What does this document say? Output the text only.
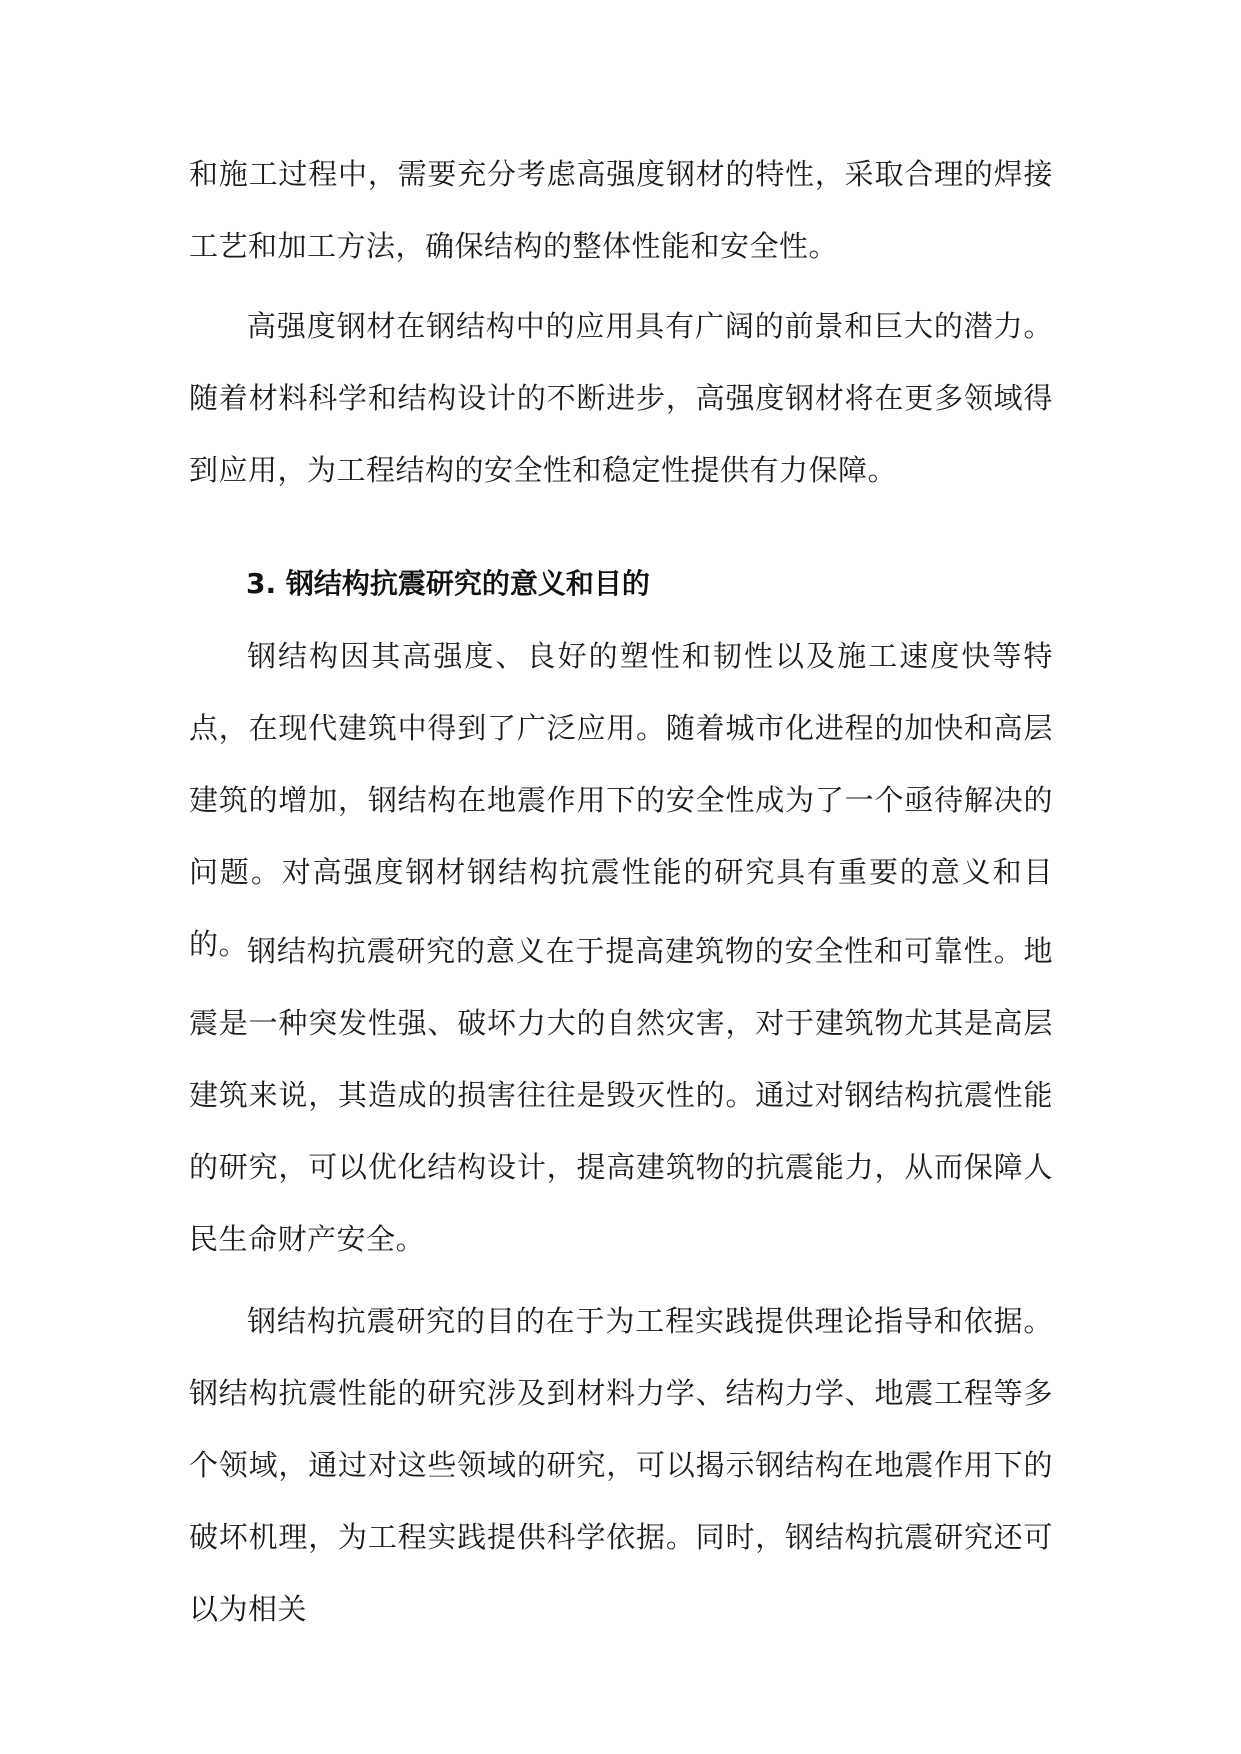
和施工过程中，需要充分考虑高强度钢材的特性，采取合理的焊接工艺和加工方法，确保结构的整体性能和安全性。

高强度钢材在钢结构中的应用具有广阔的前景和巨大的潜力。随着材料科学和结构设计的不断进步，高强度钢材将在更多领域得到应用，为工程结构的安全性和稳定性提供有力保障。

3. 钢结构抗震研究的意义和目的

钢结构因其高强度、良好的塑性和韧性以及施工速度快等特点，在现代建筑中得到了广泛应用。随着城市化进程的加快和高层建筑的增加，钢结构在地震作用下的安全性成为了一个亟待解决的问题。对高强度钢材钢结构抗震性能的研究具有重要的意义和目的。

钢结构抗震研究的意义在于提高建筑物的安全性和可靠性。地震是一种突发性强、破坏力大的自然灾害，对于建筑物尤其是高层建筑来说，其造成的损害往往是毁灭性的。通过对钢结构抗震性能的研究，可以优化结构设计，提高建筑物的抗震能力，从而保障人民生命财产安全。

钢结构抗震研究的目的在于为工程实践提供理论指导和依据。钢结构抗震性能的研究涉及到材料力学、结构力学、地震工程等多个领域，通过对这些领域的研究，可以揭示钢结构在地震作用下的破坏机理，为工程实践提供科学依据。同时，钢结构抗震研究还可以为相关
